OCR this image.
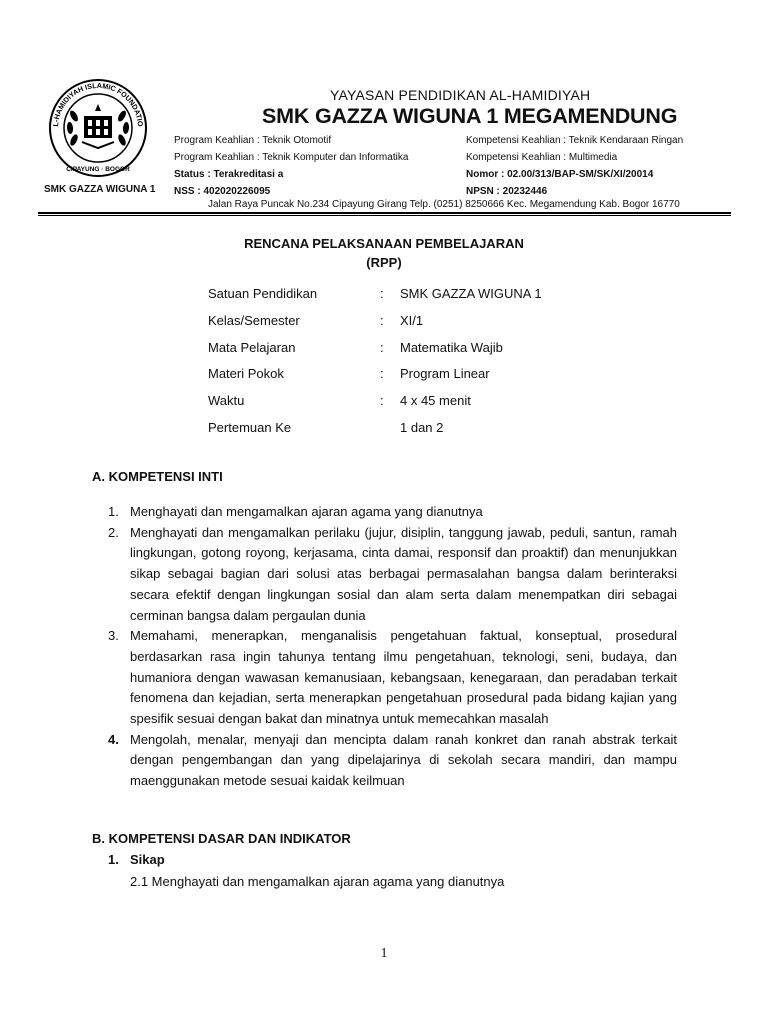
L-HAMIDIYAH ISLAMIC FOUNDATIO
CIPAYUNG · BOGOR
SMK GAZZA WIGUNA 1
YAYASAN PENDIDIKAN AL-HAMIDIYAH
SMK GAZZA WIGUNA 1 MEGAMENDUNG
Program Keahlian : Teknik Otomotif
Program Keahlian : Teknik Komputer dan Informatika
Status : Terakreditasi a
NSS : 402020226095
Kompetensi Keahlian : Teknik Kendaraan Ringan
Kompetensi Keahlian : Multimedia
Nomor : 02.00/313/BAP-SM/SK/XI/20014
NPSN : 20232446
Jalan Raya Puncak No.234 Cipayung Girang Telp. (0251) 8250666 Kec. Megamendung Kab. Bogor 16770
RENCANA PELAKSANAAN PEMBELAJARAN
(RPP)
Satuan Pendidikan	: SMK GAZZA WIGUNA 1
Kelas/Semester	: XI/1
Mata Pelajaran	: Matematika Wajib
Materi Pokok	: Program Linear
Waktu	: 4 x 45 menit
Pertemuan Ke	1 dan 2
A. KOMPETENSI INTI
1. Menghayati dan mengamalkan ajaran agama yang dianutnya
2. Menghayati dan mengamalkan perilaku (jujur, disiplin, tanggung jawab, peduli, santun, ramah lingkungan, gotong royong, kerjasama, cinta damai, responsif dan proaktif) dan menunjukkan sikap sebagai bagian dari solusi atas berbagai permasalahan bangsa dalam berinteraksi secara efektif dengan lingkungan sosial dan alam serta dalam menempatkan diri sebagai cerminan bangsa dalam pergaulan dunia
3. Memahami, menerapkan, menganalisis pengetahuan faktual, konseptual, prosedural berdasarkan rasa ingin tahunya tentang ilmu pengetahuan, teknologi, seni, budaya, dan humaniora dengan wawasan kemanusiaan, kebangsaan, kenegaraan, dan peradaban terkait fenomena dan kejadian, serta menerapkan pengetahuan prosedural pada bidang kajian yang spesifik sesuai dengan bakat dan minatnya untuk memecahkan masalah
4. Mengolah, menalar, menyaji dan mencipta dalam ranah konkret dan ranah abstrak terkait dengan pengembangan dan yang dipelajarinya di sekolah secara mandiri, dan mampu maenggunakan metode sesuai kaidak keilmuan
B. KOMPETENSI DASAR DAN INDIKATOR
1. Sikap
2.1 Menghayati dan mengamalkan ajaran agama yang dianutnya
1
